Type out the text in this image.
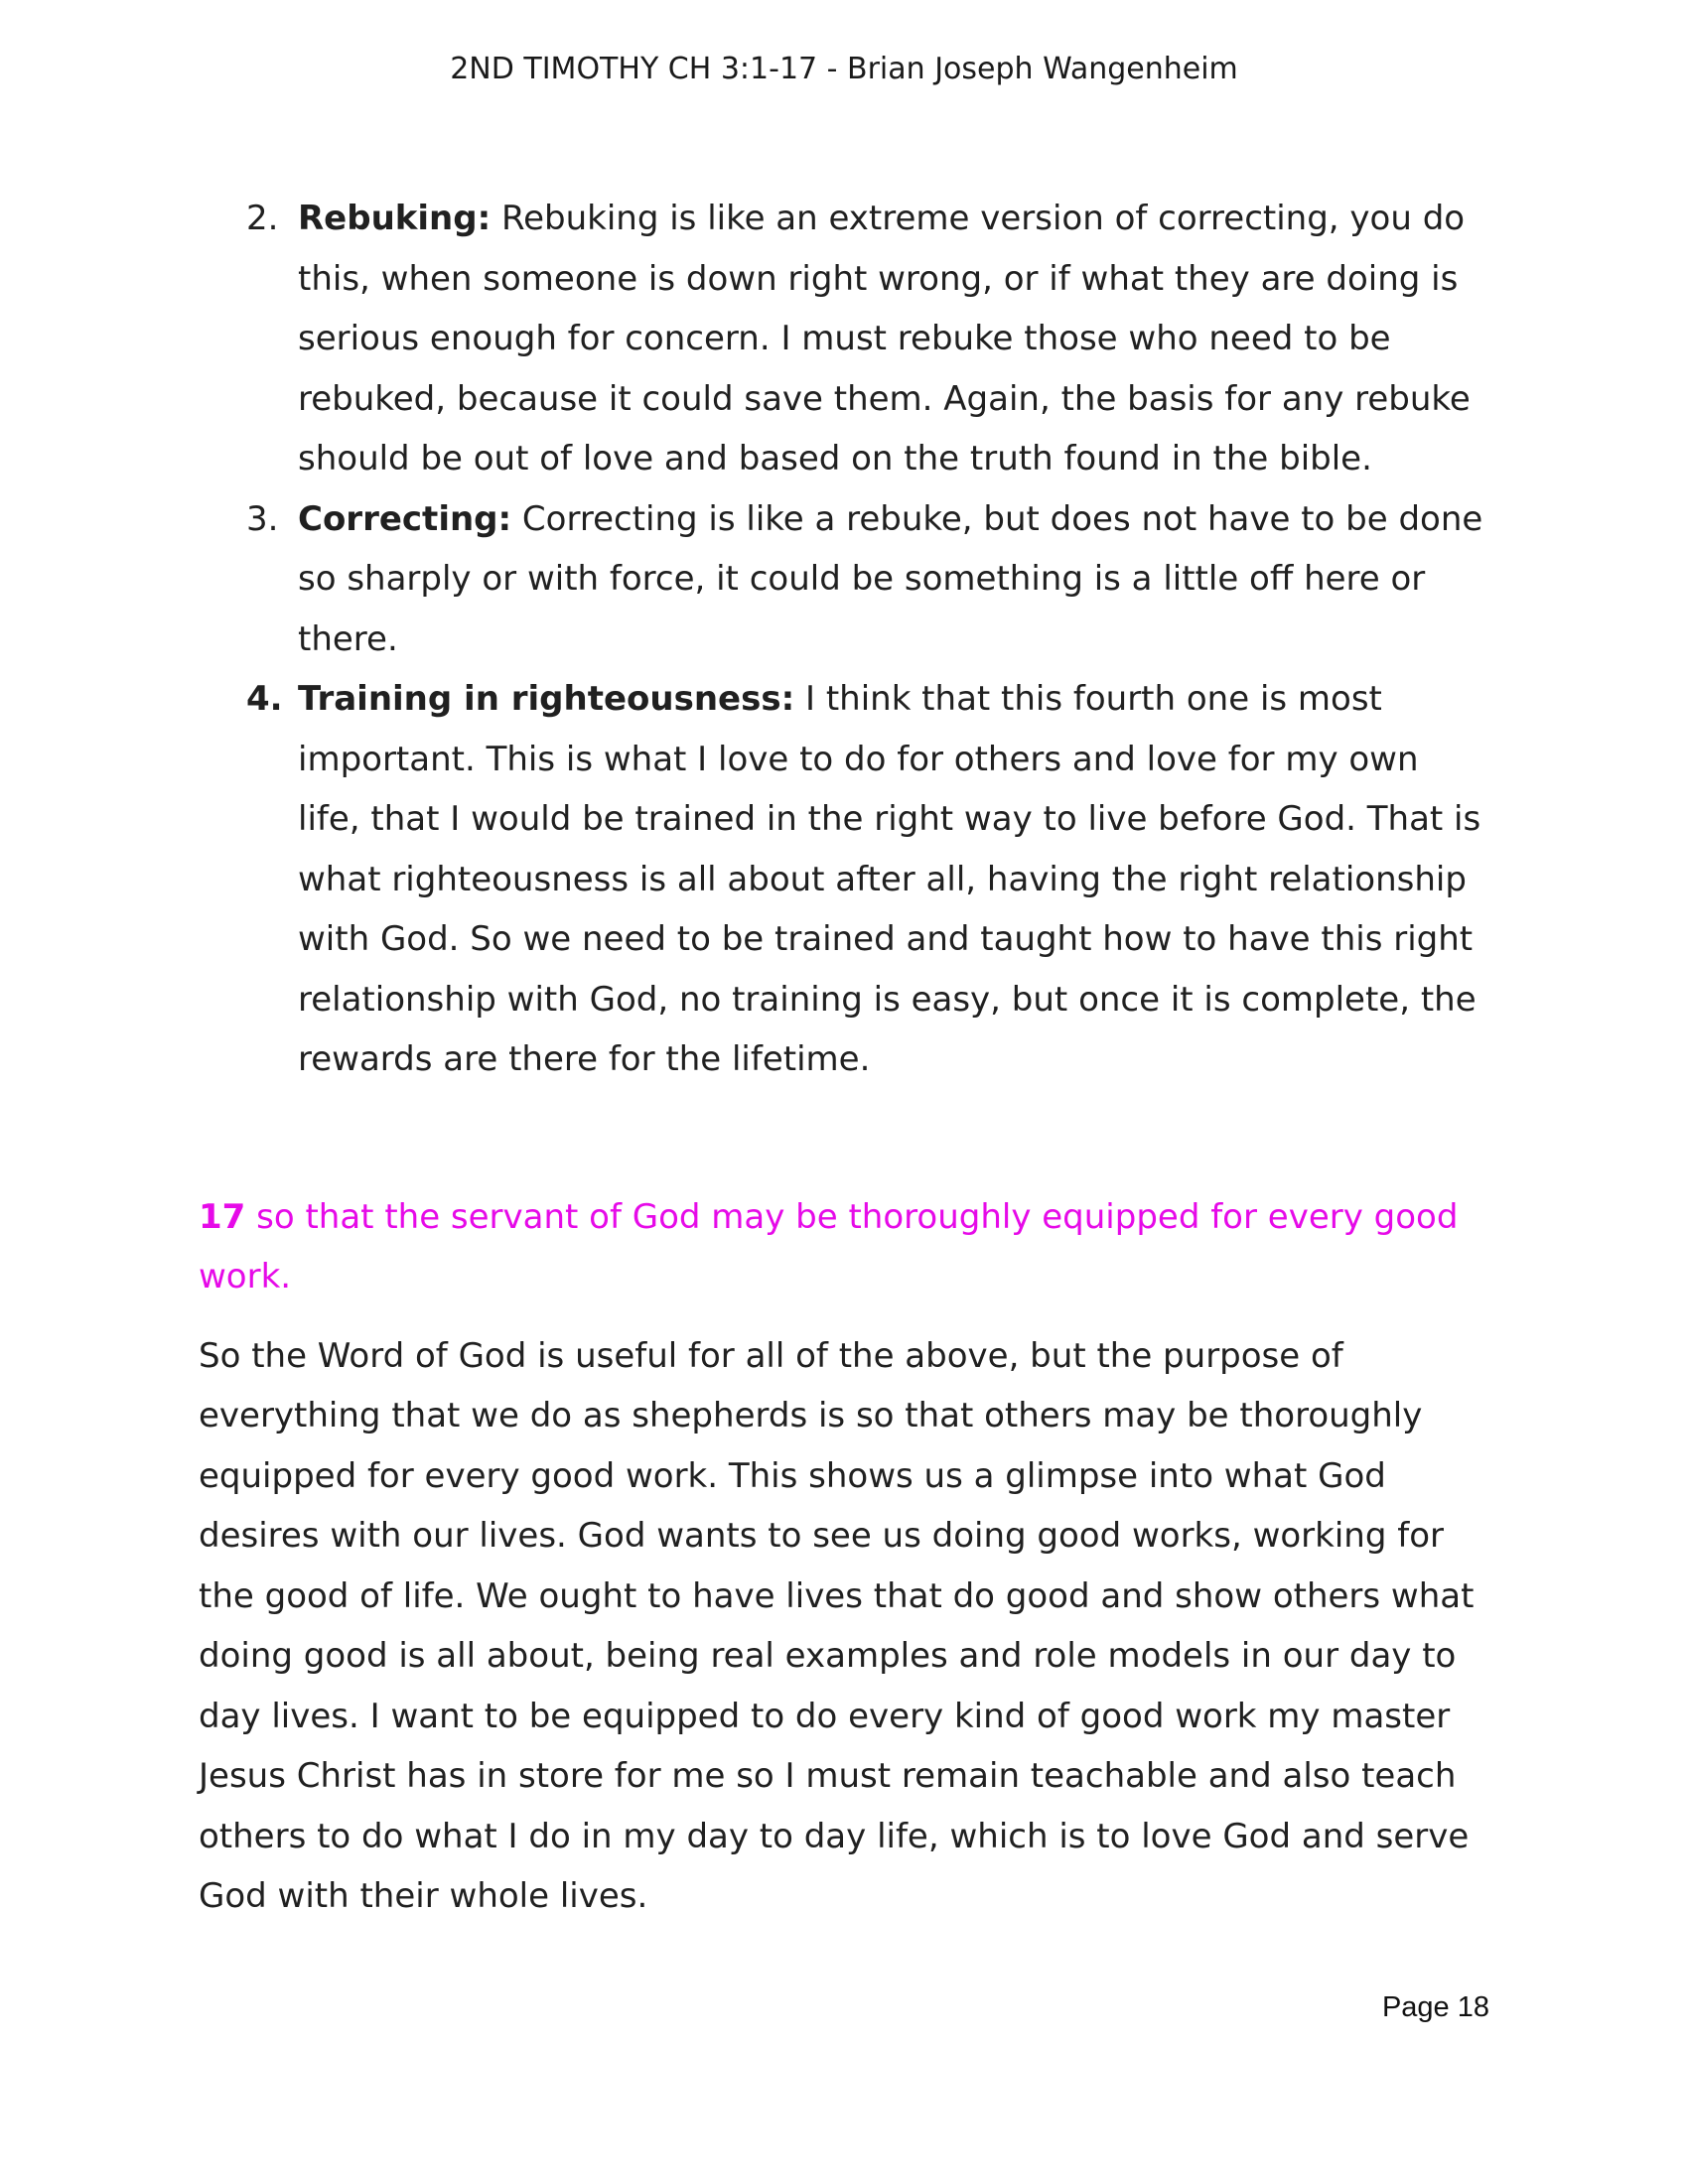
2ND TIMOTHY CH 3:1-17 - Brian Joseph Wangenheim
2. Rebuking: Rebuking is like an extreme version of correcting, you do this, when someone is down right wrong, or if what they are doing is serious enough for concern. I must rebuke those who need to be rebuked, because it could save them. Again, the basis for any rebuke should be out of love and based on the truth found in the bible.
3. Correcting: Correcting is like a rebuke, but does not have to be done so sharply or with force, it could be something is a little off here or there.
4. Training in righteousness: I think that this fourth one is most important. This is what I love to do for others and love for my own life, that I would be trained in the right way to live before God. That is what righteousness is all about after all, having the right relationship with God. So we need to be trained and taught how to have this right relationship with God, no training is easy, but once it is complete, the rewards are there for the lifetime.
17 so that the servant of God may be thoroughly equipped for every good work.
So the Word of God is useful for all of the above, but the purpose of everything that we do as shepherds is so that others may be thoroughly equipped for every good work. This shows us a glimpse into what God desires with our lives. God wants to see us doing good works, working for the good of life. We ought to have lives that do good and show others what doing good is all about, being real examples and role models in our day to day lives. I want to be equipped to do every kind of good work my master Jesus Christ has in store for me so I must remain teachable and also teach others to do what I do in my day to day life, which is to love God and serve God with their whole lives.
Page 18
